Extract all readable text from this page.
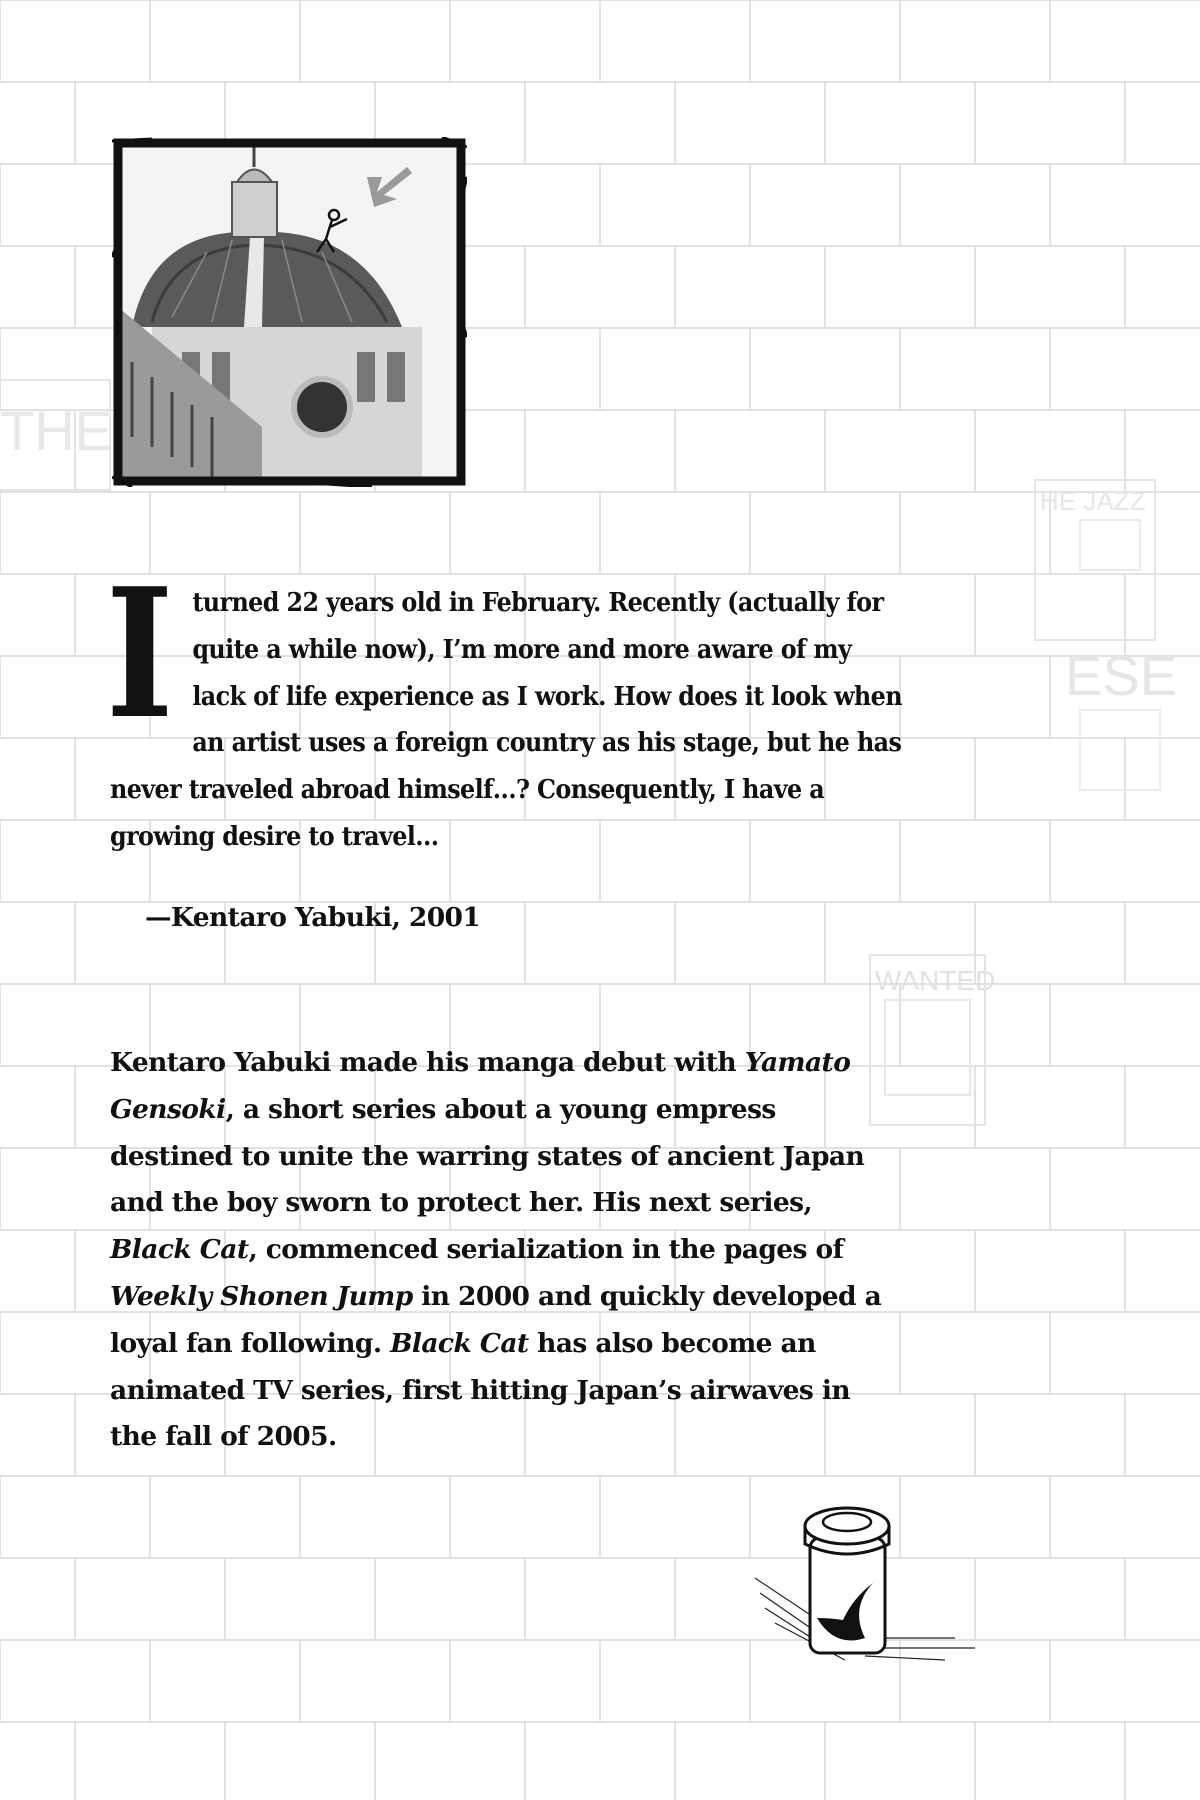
THE
HE JAZZ
ESE
WANTED
I turned 22 years old in February. Recently (actually for quite a while now), I’m more and more aware of my lack of life experience as I work. How does it look when an artist uses a foreign country as his stage, but he has never traveled abroad himself…? Consequently, I have a growing desire to travel…
—Kentaro Yabuki, 2001
Kentaro Yabuki made his manga debut with Yamato Gensoki, a short series about a young empress destined to unite the warring states of ancient Japan and the boy sworn to protect her. His next series, Black Cat, commenced serialization in the pages of Weekly Shonen Jump in 2000 and quickly developed a loyal fan following. Black Cat has also become an animated TV series, first hitting Japan’s airwaves in the fall of 2005.
